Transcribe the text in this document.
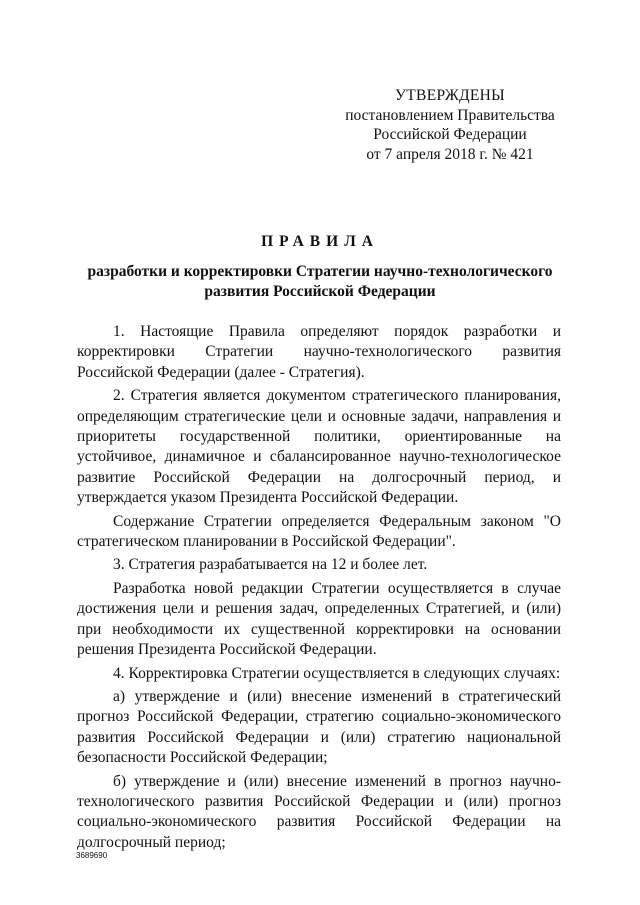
УТВЕРЖДЕНЫ
постановлением Правительства
Российской Федерации
от 7 апреля 2018 г. № 421
ПРАВИЛА
разработки и корректировки Стратегии научно-технологического развития Российской Федерации

1. Настоящие Правила определяют порядок разработки и корректировки Стратегии научно-технологического развития Российской Федерации (далее - Стратегия).

2. Стратегия является документом стратегического планирования, определяющим стратегические цели и основные задачи, направления и приоритеты государственной политики, ориентированные на устойчивое, динамичное и сбалансированное научно-технологическое развитие Российской Федерации на долгосрочный период, и утверждается указом Президента Российской Федерации.

Содержание Стратегии определяется Федеральным законом "О стратегическом планировании в Российской Федерации".

3. Стратегия разрабатывается на 12 и более лет.

Разработка новой редакции Стратегии осуществляется в случае достижения цели и решения задач, определенных Стратегией, и (или) при необходимости их существенной корректировки на основании решения Президента Российской Федерации.

4. Корректировка Стратегии осуществляется в следующих случаях:

а) утверждение и (или) внесение изменений в стратегический прогноз Российской Федерации, стратегию социально-экономического развития Российской Федерации и (или) стратегию национальной безопасности Российской Федерации;

б) утверждение и (или) внесение изменений в прогноз научно-технологического развития Российской Федерации и (или) прогноз социально-экономического развития Российской Федерации на долгосрочный период;

3689690
